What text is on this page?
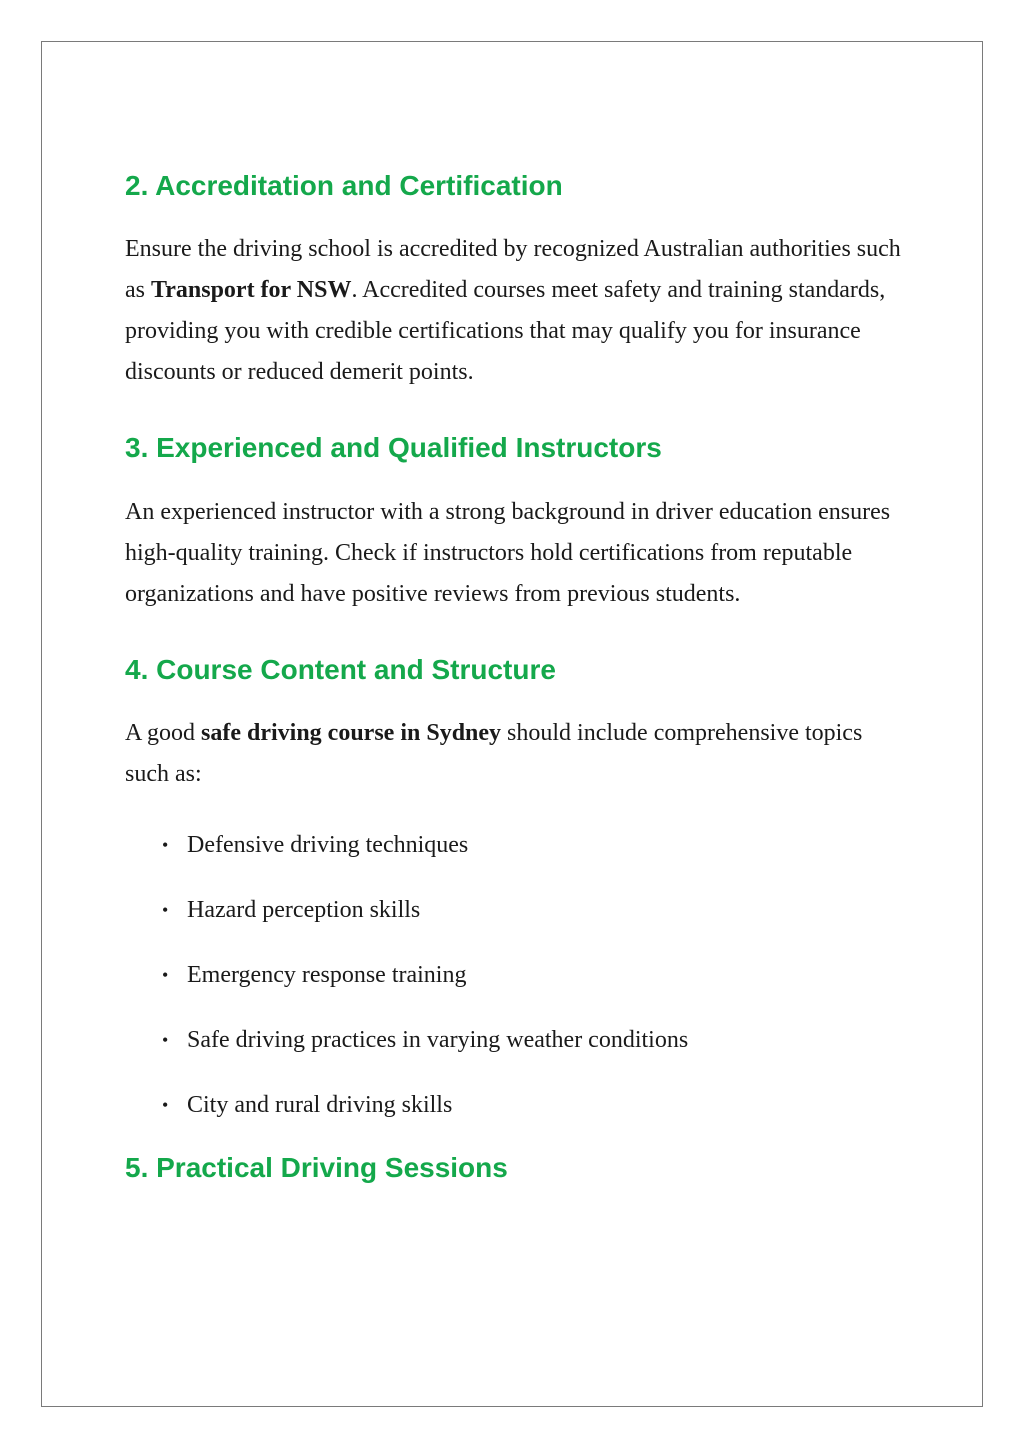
2. Accreditation and Certification

Ensure the driving school is accredited by recognized Australian authorities such as Transport for NSW. Accredited courses meet safety and training standards, providing you with credible certifications that may qualify you for insurance discounts or reduced demerit points.

3. Experienced and Qualified Instructors

An experienced instructor with a strong background in driver education ensures high-quality training. Check if instructors hold certifications from reputable organizations and have positive reviews from previous students.

4. Course Content and Structure

A good safe driving course in Sydney should include comprehensive topics such as:

• Defensive driving techniques
• Hazard perception skills
• Emergency response training
• Safe driving practices in varying weather conditions
• City and rural driving skills
5. Practical Driving Sessions
